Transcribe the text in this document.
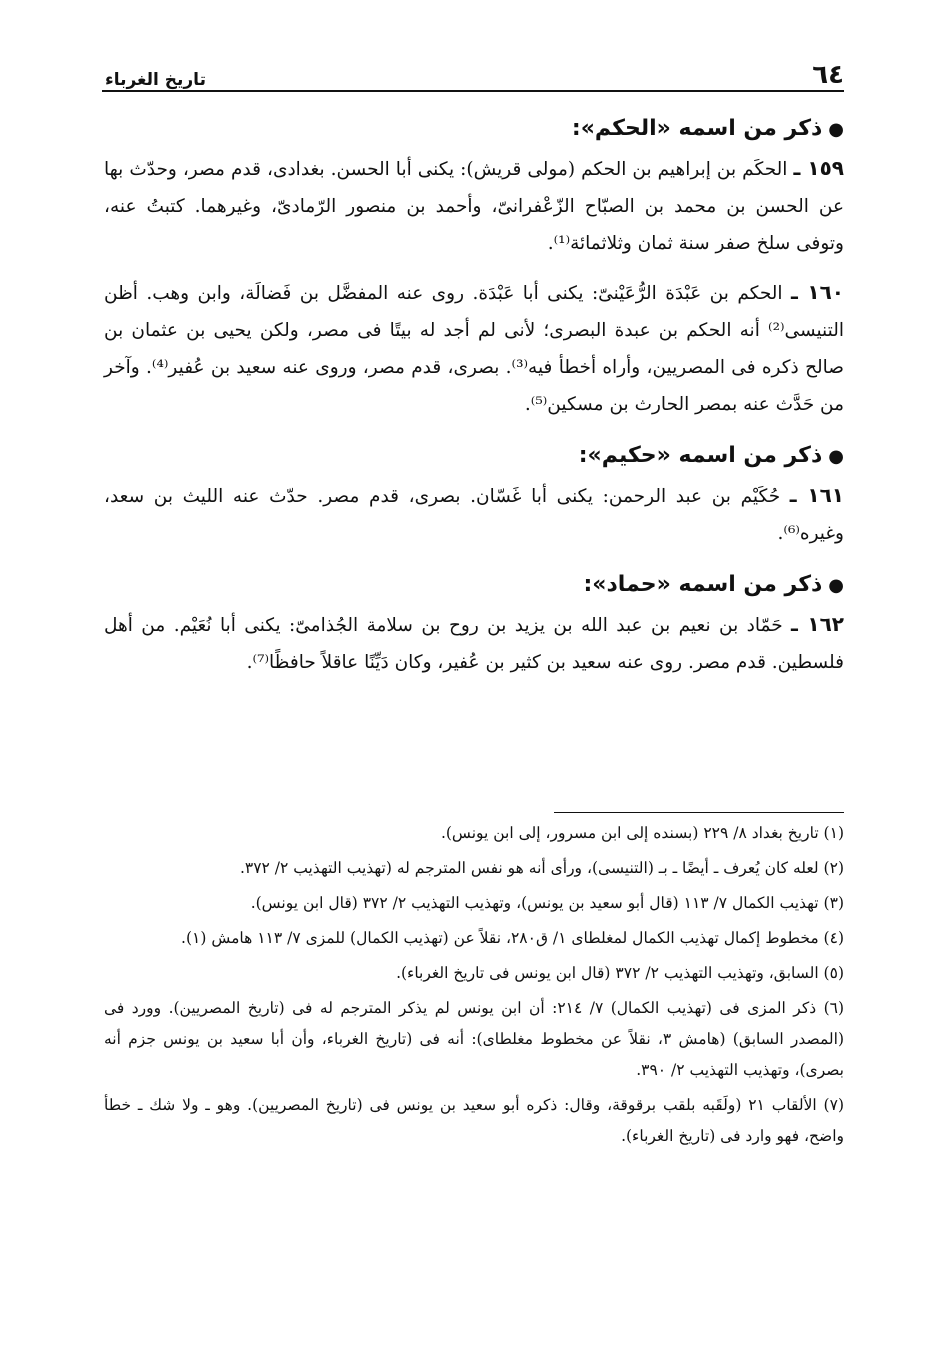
٦٤
تاريخ الغرباء
●ذكر من اسمه «الحكم»:

١٥٩ ـ الحكَم بن إبراهيم بن الحكم (مولى قريش): يكنى أبا الحسن. بغدادى، قدم مصر، وحدّث بها عن الحسن بن محمد بن الصبّاح الزّعْفرانىّ، وأحمد بن منصور الرّمادىّ، وغيرهما. كتبتُ عنه، وتوفى سلخ صفر سنة ثمان وثلاثمائة⁽¹⁾.

١٦٠ ـ الحكم بن عَبْدَة الرُّعَيْنىّ: يكنى أبا عَبْدَة. روى عنه المفضَّل بن فَضالَة، وابن وهب. أظن التنيسى⁽²⁾ أنه الحكم بن عبدة البصرى؛ لأنى لم أجد له بيتًا فى مصر، ولكن يحيى بن عثمان بن صالح ذكره فى المصريين، وأراه أخطأ فيه⁽³⁾. بصرى، قدم مصر، وروى عنه سعيد بن عُفير⁽⁴⁾. وآخر من حَدَّث عنه بمصر الحارث بن مسكين⁽⁵⁾.

●ذكر من اسمه «حكيم»:

١٦١ ـ حُكَيْم بن عبد الرحمن: يكنى أبا غَسّان. بصرى، قدم مصر. حدّث عنه الليث بن سعد، وغيره⁽⁶⁾.

●ذكر من اسمه «حماد»:

١٦٢ ـ حَمّاد بن نعيم بن عبد الله بن يزيد بن روح بن سلامة الجُذامىّ: يكنى أبا نُعَيْم. من أهل فلسطين. قدم مصر. روى عنه سعيد بن كثير بن عُفير، وكان دَيِّنًا عاقلاً حافظًا⁽⁷⁾.

(١) تاريخ بغداد ٨/ ٢٢٩ (بسنده إلى ابن مسرور، إلى ابن يونس).

(٢) لعله كان يُعرف ـ أيضًا ـ بـ (التنيسى)، ورأى أنه هو نفس المترجم له (تهذيب التهذيب ٢/ ٣٧٢.

(٣) تهذيب الكمال ٧/ ١١٣ (قال أبو سعيد بن يونس)، وتهذيب التهذيب ٢/ ٣٧٢ (قال ابن يونس).

(٤) مخطوط إكمال تهذيب الكمال لمغلطاى ١/ ق٢٨٠، نقلاً عن (تهذيب الكمال) للمزى ٧/ ١١٣ هامش (١).

(٥) السابق، وتهذيب التهذيب ٢/ ٣٧٢ (قال ابن يونس فى تاريخ الغرباء).

(٦) ذكر المزى فى (تهذيب الكمال) ٧/ ٢١٤: أن ابن يونس لم يذكر المترجم له فى (تاريخ المصريين). وورد فى (المصدر السابق) (هامش ٣، نقلاً عن مخطوط مغلطاى): أنه فى (تاريخ الغرباء، وأن أبا سعيد بن يونس جزم أنه بصرى)، وتهذيب التهذيب ٢/ ٣٩٠.

(٧) الألقاب ٢١ (ولَقَبه بلقب برقوقة، وقال: ذكره أبو سعيد بن يونس فى (تاريخ المصريين). وهو ـ ولا شك ـ خطأ واضح، فهو وارد فى (تاريخ الغرباء).
